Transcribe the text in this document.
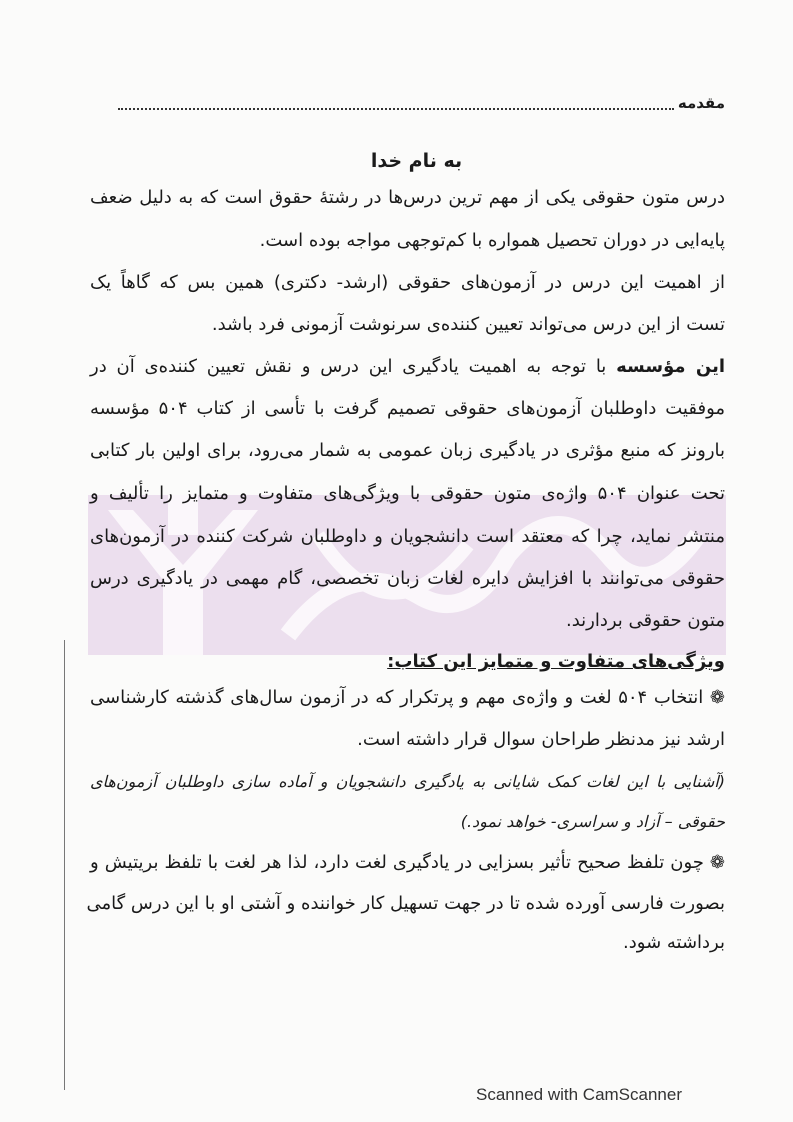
مقدمه
به نام خدا
درس متون حقوقی یکی از مهم ترین درس‌ها در رشتهٔ حقوق است که به دلیل ضعف
پایه‌ایی در دوران تحصیل همواره با کم‌توجهی مواجه بوده است.
از اهمیت این درس در آزمون‌های حقوقی (ارشد- دکتری) همین بس که گاهاً یک
تست از این درس می‌تواند تعیین کننده‌ی سرنوشت آزمونی فرد باشد.
این مؤسسه با توجه به اهمیت یادگیری این درس و نقش تعیین کننده‌ی آن در
موفقیت داوطلبان آزمون‌های حقوقی تصمیم گرفت با تأسی از کتاب ۵۰۴ مؤسسه
بارونز که منبع مؤثری در یادگیری زبان عمومی به شمار می‌رود، برای اولین بار کتابی
تحت عنوان ۵۰۴ واژه‌ی متون حقوقی با ویژگی‌های متفاوت و متمایز را تألیف و
منتشر نماید، چرا که معتقد است دانشجویان و داوطلبان شرکت کننده در آزمون‌های
حقوقی می‌توانند با افزایش دایره لغات زبان تخصصی، گام مهمی در یادگیری درس
متون حقوقی بردارند.
ویژگی‌های متفاوت و متمایز این کتاب:
❁ انتخاب ۵۰۴ لغت و واژه‌ی مهم و پرتکرار که در آزمون سال‌های گذشته کارشناسی
ارشد نیز مدنظر طراحان سوال قرار داشته است.
(آشنایی با این لغات کمک شایانی به یادگیری دانشجویان و آماده سازی داوطلبان آزمون‌های
حقوقی – آزاد و سراسری- خواهد نمود.)
❁ چون تلفظ صحیح تأثیر بسزایی در یادگیری لغت دارد، لذا هر لغت با تلفظ بریتیش و
بصورت فارسی آورده شده تا در جهت تسهیل کار خواننده و آشتی او با این درس گامی
برداشته شود.
Scanned with CamScanner
